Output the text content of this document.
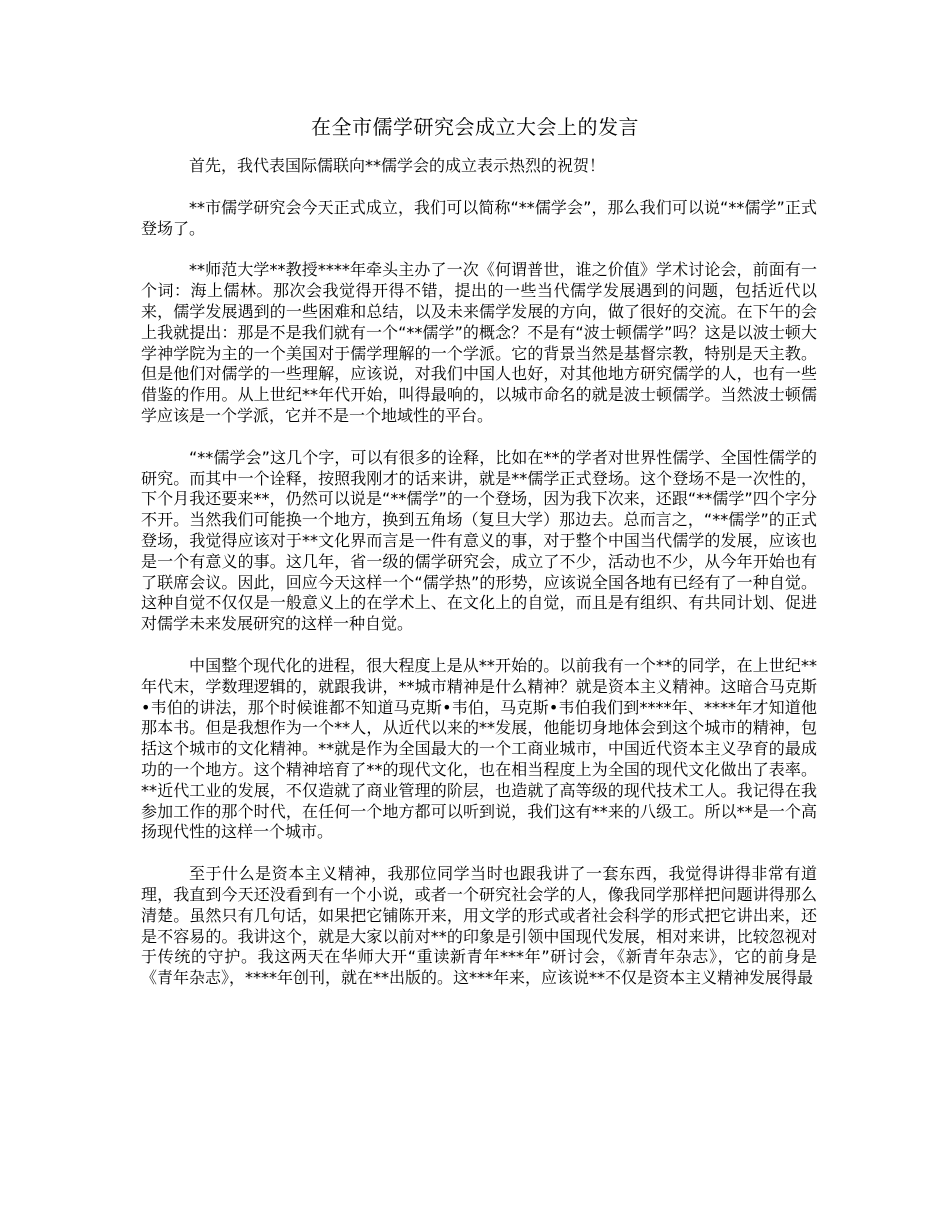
在全市儒学研究会成立大会上的发言

首先，我代表国际儒联向**儒学会的成立表示热烈的祝贺！

**市儒学研究会今天正式成立，我们可以简称“**儒学会”，那么我们可以说“**儒学”正式登场了。

**师范大学**教授****年牵头主办了一次《何谓普世，谁之价值》学术讨论会，前面有一个词：海上儒林。那次会我觉得开得不错，提出的一些当代儒学发展遇到的问题，包括近代以来，儒学发展遇到的一些困难和总结，以及未来儒学发展的方向，做了很好的交流。在下午的会上我就提出：那是不是我们就有一个“**儒学”的概念？不是有“波士顿儒学”吗？这是以波士顿大学神学院为主的一个美国对于儒学理解的一个学派。它的背景当然是基督宗教，特别是天主教。但是他们对儒学的一些理解，应该说，对我们中国人也好，对其他地方研究儒学的人，也有一些借鉴的作用。从上世纪**年代开始，叫得最响的，以城市命名的就是波士顿儒学。当然波士顿儒学应该是一个学派，它并不是一个地域性的平台。

“**儒学会”这几个字，可以有很多的诠释，比如在**的学者对世界性儒学、全国性儒学的研究。而其中一个诠释，按照我刚才的话来讲，就是**儒学正式登场。这个登场不是一次性的，下个月我还要来**，仍然可以说是“**儒学”的一个登场，因为我下次来，还跟“**儒学”四个字分不开。当然我们可能换一个地方，换到五角场（复旦大学）那边去。总而言之，“**儒学”的正式登场，我觉得应该对于**文化界而言是一件有意义的事，对于整个中国当代儒学的发展，应该也是一个有意义的事。这几年，省一级的儒学研究会，成立了不少，活动也不少，从今年开始也有了联席会议。因此，回应今天这样一个“儒学热”的形势，应该说全国各地有已经有了一种自觉。这种自觉不仅仅是一般意义上的在学术上、在文化上的自觉，而且是有组织、有共同计划、促进对儒学未来发展研究的这样一种自觉。

中国整个现代化的进程，很大程度上是从**开始的。以前我有一个**的同学，在上世纪**年代末，学数理逻辑的，就跟我讲，**城市精神是什么精神？就是资本主义精神。这暗合马克斯•韦伯的讲法，那个时候谁都不知道马克斯•韦伯，马克斯•韦伯我们到****年、****年才知道他那本书。但是我想作为一个**人，从近代以来的**发展，他能切身地体会到这个城市的精神，包括这个城市的文化精神。**就是作为全国最大的一个工商业城市，中国近代资本主义孕育的最成功的一个地方。这个精神培育了**的现代文化，也在相当程度上为全国的现代文化做出了表率。**近代工业的发展，不仅造就了商业管理的阶层，也造就了高等级的现代技术工人。我记得在我参加工作的那个时代，在任何一个地方都可以听到说，我们这有**来的八级工。所以**是一个高扬现代性的这样一个城市。

至于什么是资本主义精神，我那位同学当时也跟我讲了一套东西，我觉得讲得非常有道理，我直到今天还没看到有一个小说，或者一个研究社会学的人，像我同学那样把问题讲得那么清楚。虽然只有几句话，如果把它铺陈开来，用文学的形式或者社会科学的形式把它讲出来，还是不容易的。我讲这个，就是大家以前对**的印象是引领中国现代发展，相对来讲，比较忽视对于传统的守护。我这两天在华师大开“重读新青年***年”研讨会，《新青年杂志》，它的前身是《青年杂志》，****年创刊，就在**出版的。这***年来，应该说**不仅是资本主义精神发展得最
